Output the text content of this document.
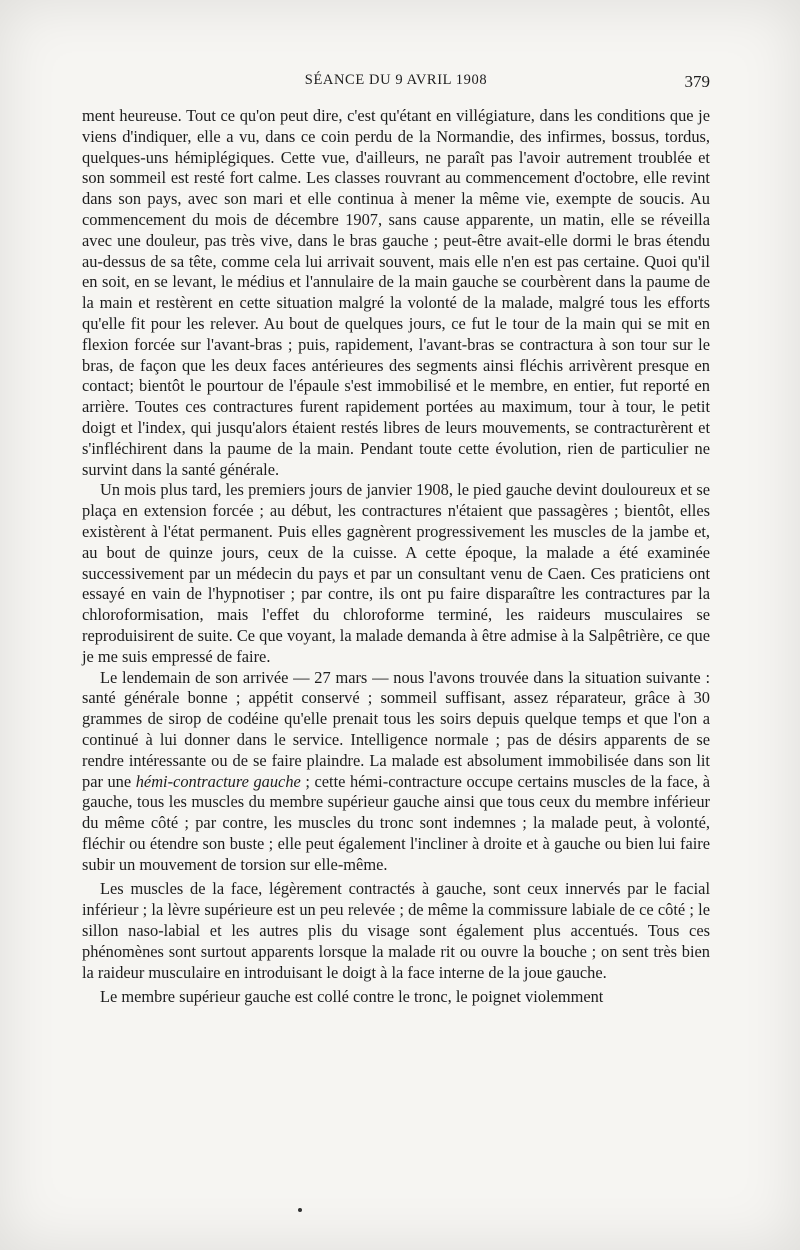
SÉANCE DU 9 AVRIL 1908	379

ment heureuse. Tout ce qu'on peut dire, c'est qu'étant en villégiature, dans les conditions que je viens d'indiquer, elle a vu, dans ce coin perdu de la Normandie, des infirmes, bossus, tordus, quelques-uns hémiplégiques. Cette vue, d'ailleurs, ne paraît pas l'avoir autrement troublée et son sommeil est resté fort calme. Les classes rouvrant au commencement d'octobre, elle revint dans son pays, avec son mari et elle continua à mener la même vie, exempte de soucis. Au commencement du mois de décembre 1907, sans cause apparente, un matin, elle se réveilla avec une douleur, pas très vive, dans le bras gauche ; peut-être avait-elle dormi le bras étendu au-dessus de sa tête, comme cela lui arrivait souvent, mais elle n'en est pas certaine. Quoi qu'il en soit, en se levant, le médius et l'annulaire de la main gauche se courbèrent dans la paume de la main et restèrent en cette situation malgré la volonté de la malade, malgré tous les efforts qu'elle fit pour les relever. Au bout de quelques jours, ce fut le tour de la main qui se mit en flexion forcée sur l'avant-bras ; puis, rapidement, l'avant-bras se contractura à son tour sur le bras, de façon que les deux faces antérieures des segments ainsi fléchis arrivèrent presque en contact; bientôt le pourtour de l'épaule s'est immobilisé et le membre, en entier, fut reporté en arrière. Toutes ces contractures furent rapidement portées au maximum, tour à tour, le petit doigt et l'index, qui jusqu'alors étaient restés libres de leurs mouvements, se contracturèrent et s'infléchirent dans la paume de la main. Pendant toute cette évolution, rien de particulier ne survint dans la santé générale.

Un mois plus tard, les premiers jours de janvier 1908, le pied gauche devint douloureux et se plaça en extension forcée ; au début, les contractures n'étaient que passagères ; bientôt, elles existèrent à l'état permanent. Puis elles gagnèrent progressivement les muscles de la jambe et, au bout de quinze jours, ceux de la cuisse. A cette époque, la malade a été examinée successivement par un médecin du pays et par un consultant venu de Caen. Ces praticiens ont essayé en vain de l'hypnotiser ; par contre, ils ont pu faire disparaître les contractures par la chloroformisation, mais l'effet du chloroforme terminé, les raideurs musculaires se reproduisirent de suite. Ce que voyant, la malade demanda à être admise à la Salpêtrière, ce que je me suis empressé de faire.

Le lendemain de son arrivée — 27 mars — nous l'avons trouvée dans la situation suivante : santé générale bonne ; appétit conservé ; sommeil suffisant, assez réparateur, grâce à 30 grammes de sirop de codéine qu'elle prenait tous les soirs depuis quelque temps et que l'on a continué à lui donner dans le service. Intelligence normale ; pas de désirs apparents de se rendre intéressante ou de se faire plaindre. La malade est absolument immobilisée dans son lit par une hémi-contracture gauche ; cette hémi-contracture occupe certains muscles de la face, à gauche, tous les muscles du membre supérieur gauche ainsi que tous ceux du membre inférieur du même côté ; par contre, les muscles du tronc sont indemnes ; la malade peut, à volonté, fléchir ou étendre son buste ; elle peut également l'incliner à droite et à gauche ou bien lui faire subir un mouvement de torsion sur elle-même.

Les muscles de la face, légèrement contractés à gauche, sont ceux innervés par le facial inférieur ; la lèvre supérieure est un peu relevée ; de même la commissure labiale de ce côté ; le sillon naso-labial et les autres plis du visage sont également plus accentués. Tous ces phénomènes sont surtout apparents lorsque la malade rit ou ouvre la bouche ; on sent très bien la raideur musculaire en introduisant le doigt à la face interne de la joue gauche.

Le membre supérieur gauche est collé contre le tronc, le poignet violemment
